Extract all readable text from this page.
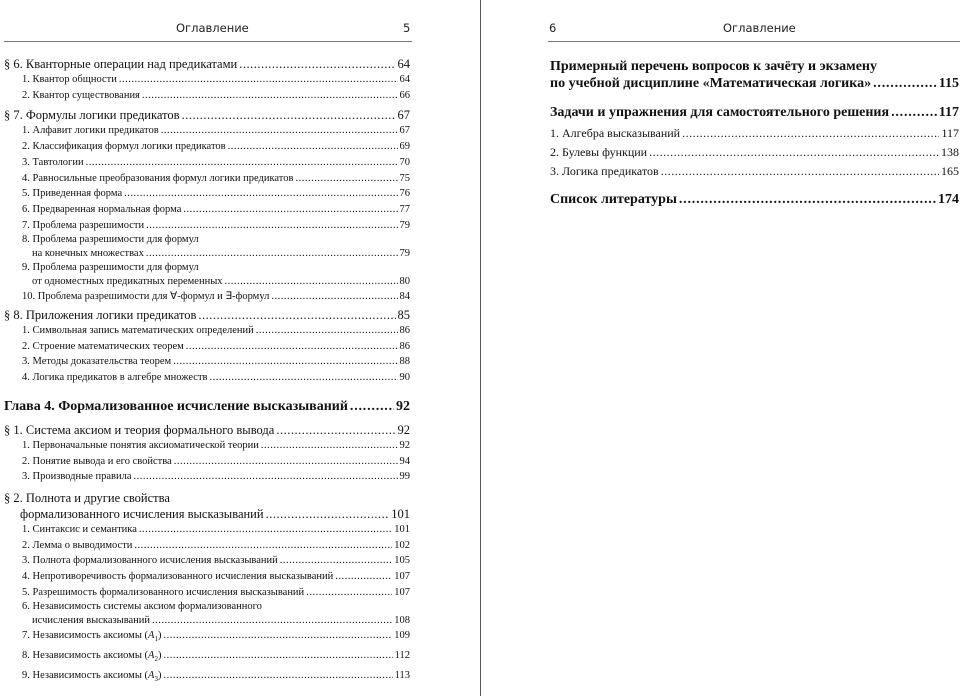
Оглавление	5
§ 6. Кванторные операции над предикатами .....	64
1. Квантор общности .....	64
2. Квантор существования .....	66
§ 7. Формулы логики предикатов .....	67
1. Алфавит логики предикатов .....	67
2. Классификация формул логики предикатов .....	69
3. Тавтологии .....	70
4. Равносильные преобразования формул логики предикатов .....	75
5. Приведенная форма .....	76
6. Предваренная нормальная форма .....	77
7. Проблема разрешимости .....	79
8. Проблема разрешимости для формул
на конечных множествах .....	79
9. Проблема разрешимости для формул
от одноместных предикатных переменных .....	80
10. Проблема разрешимости для ∀-формул и ∃-формул .....	84
§ 8. Приложения логики предикатов .....	85
1. Символьная запись математических определений .....	86
2. Строение математических теорем .....	86
3. Методы доказательства теорем .....	88
4. Логика предикатов в алгебре множеств .....	90
Глава 4. Формализованное исчисление высказываний .....	92
§ 1. Система аксиом и теория формального вывода .....	92
1. Первоначальные понятия аксиоматической теории .....	92
2. Понятие вывода и его свойства .....	94
3. Производные правила .....	99
§ 2. Полнота и другие свойства
формализованного исчисления высказываний .....	101
1. Синтаксис и семантика .....	101
2. Лемма о выводимости .....	102
3. Полнота формализованного исчисления высказываний .....	105
4. Непротиворечивость формализованного исчисления высказываний .....	107
5. Разрешимость формализованного исчисления высказываний .....	107
6. Независимость системы аксиом формализованного
исчисления высказываний .....	108
7. Независимость аксиомы $(A_1)$ .....	109
8. Независимость аксиомы $(A_2)$ .....	112
9. Независимость аксиомы $(A_3)$ .....	113
6	Оглавление
Примерный перечень вопросов к зачёту и экзамену
по учебной дисциплине «Математическая логика» .....	115
Задачи и упражнения для самостоятельного решения .....	117
1. Алгебра высказываний .....	117
2. Булевы функции .....	138
3. Логика предикатов .....	165
Список литературы .....	174
